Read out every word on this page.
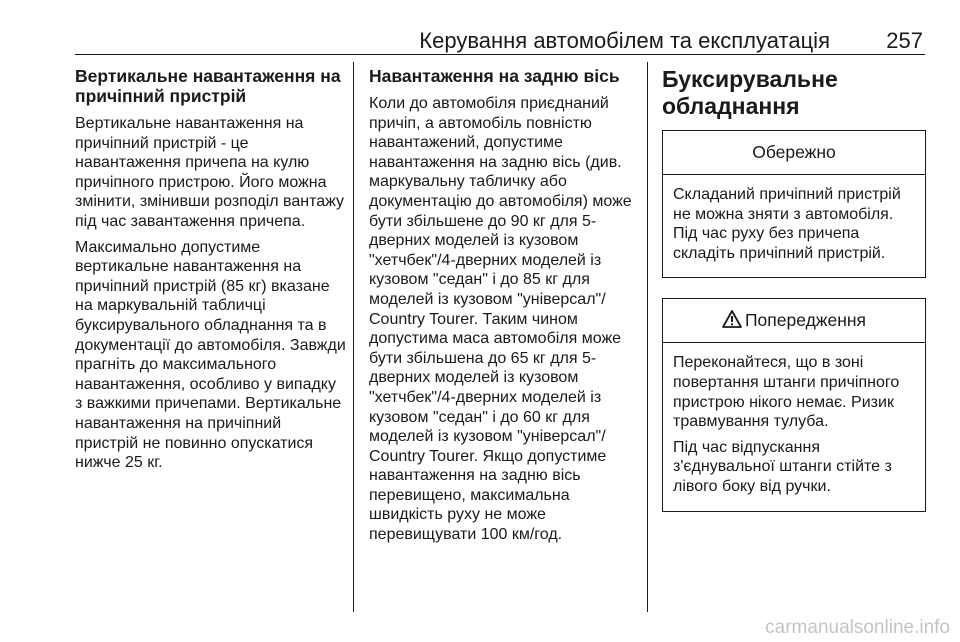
Керування автомобілем та експлуатація	257
Вертикальне навантаження на причіпний пристрій

Вертикальне навантаження на причіпний пристрій - це навантаження причепа на кулю причіпного пристрою. Його можна змінити, змінивши розподіл вантажу під час завантаження причепа.

Максимально допустиме вертикальне навантаження на причіпний пристрій (85 кг) вказане на маркувальній табличці буксирувального обладнання та в документації до автомобіля. Завжди прагніть до максимального навантаження, особливо у випадку з важкими причепами. Вертикальне навантаження на причіпний пристрій не повинно опускатися нижче 25 кг.

Навантаження на задню вісь

Коли до автомобіля приєднаний причіп, а автомобіль повністю навантажений, допустиме навантаження на задню вісь (див. маркувальну табличку або документацію до автомобіля) може бути збільшене до 90 кг для 5-дверних моделей із кузовом "хетчбек"/4-дверних моделей із кузовом "седан" і до 85 кг для моделей із кузовом "універсал"/ Country Tourer. Таким чином допустима маса автомобіля може бути збільшена до 65 кг для 5-дверних моделей із кузовом "хетчбек"/4-дверних моделей із кузовом "седан" і до 60 кг для моделей із кузовом "універсал"/ Country Tourer. Якщо допустиме навантаження на задню вісь перевищено, максимальна швидкість руху не може перевищувати 100 км/год.

Буксирувальне обладнання
Обережно

Складаний причіпний пристрій не можна зняти з автомобіля. Під час руху без причепа складіть причіпний пристрій.

Попередження

Переконайтеся, що в зоні повертання штанги причіпного пристрою нікого немає. Ризик травмування тулуба.

Під час відпускання з'єднувальної штанги стійте з лівого боку від ручки.

carmanualsonline.info
